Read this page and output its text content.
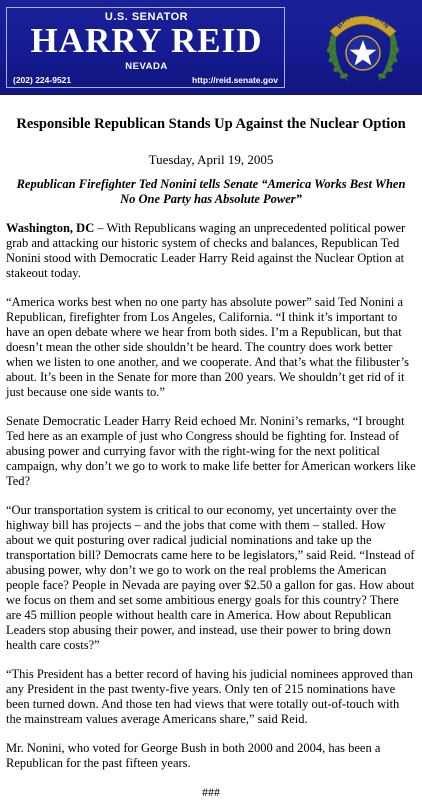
U.S. SENATOR
HARRY REID
NEVADA
(202) 224-9521	http://reid.senate.gov
BATTLE BORN
Responsible Republican Stands Up Against the Nuclear Option
Tuesday, April 19, 2005
Republican Firefighter Ted Nonini tells Senate “America Works Best When No One Party has Absolute Power”

Washington, DC – With Republicans waging an unprecedented political power grab and attacking our historic system of checks and balances, Republican Ted Nonini stood with Democratic Leader Harry Reid against the Nuclear Option at stakeout today.

“America works best when no one party has absolute power” said Ted Nonini a Republican, firefighter from Los Angeles, California. “I think it’s important to have an open debate where we hear from both sides. I’m a Republican, but that doesn’t mean the other side shouldn’t be heard. The country does work better when we listen to one another, and we cooperate. And that’s what the filibuster’s about. It’s been in the Senate for more than 200 years. We shouldn’t get rid of it just because one side wants to.”

Senate Democratic Leader Harry Reid echoed Mr. Nonini’s remarks, “I brought Ted here as an example of just who Congress should be fighting for. Instead of abusing power and currying favor with the right-wing for the next political campaign, why don’t we go to work to make life better for American workers like Ted?

“Our transportation system is critical to our economy, yet uncertainty over the highway bill has projects – and the jobs that come with them – stalled. How about we quit posturing over radical judicial nominations and take up the transportation bill? Democrats came here to be legislators,” said Reid. “Instead of abusing power, why don’t we go to work on the real problems the American people face? People in Nevada are paying over $2.50 a gallon for gas. How about we focus on them and set some ambitious energy goals for this country? There are 45 million people without health care in America. How about Republican Leaders stop abusing their power, and instead, use their power to bring down health care costs?”

“This President has a better record of having his judicial nominees approved than any President in the past twenty-five years. Only ten of 215 nominations have been turned down. And those ten had views that were totally out-of-touch with the mainstream values average Americans share,” said Reid.

Mr. Nonini, who voted for George Bush in both 2000 and 2004, has been a Republican for the past fifteen years.

###
